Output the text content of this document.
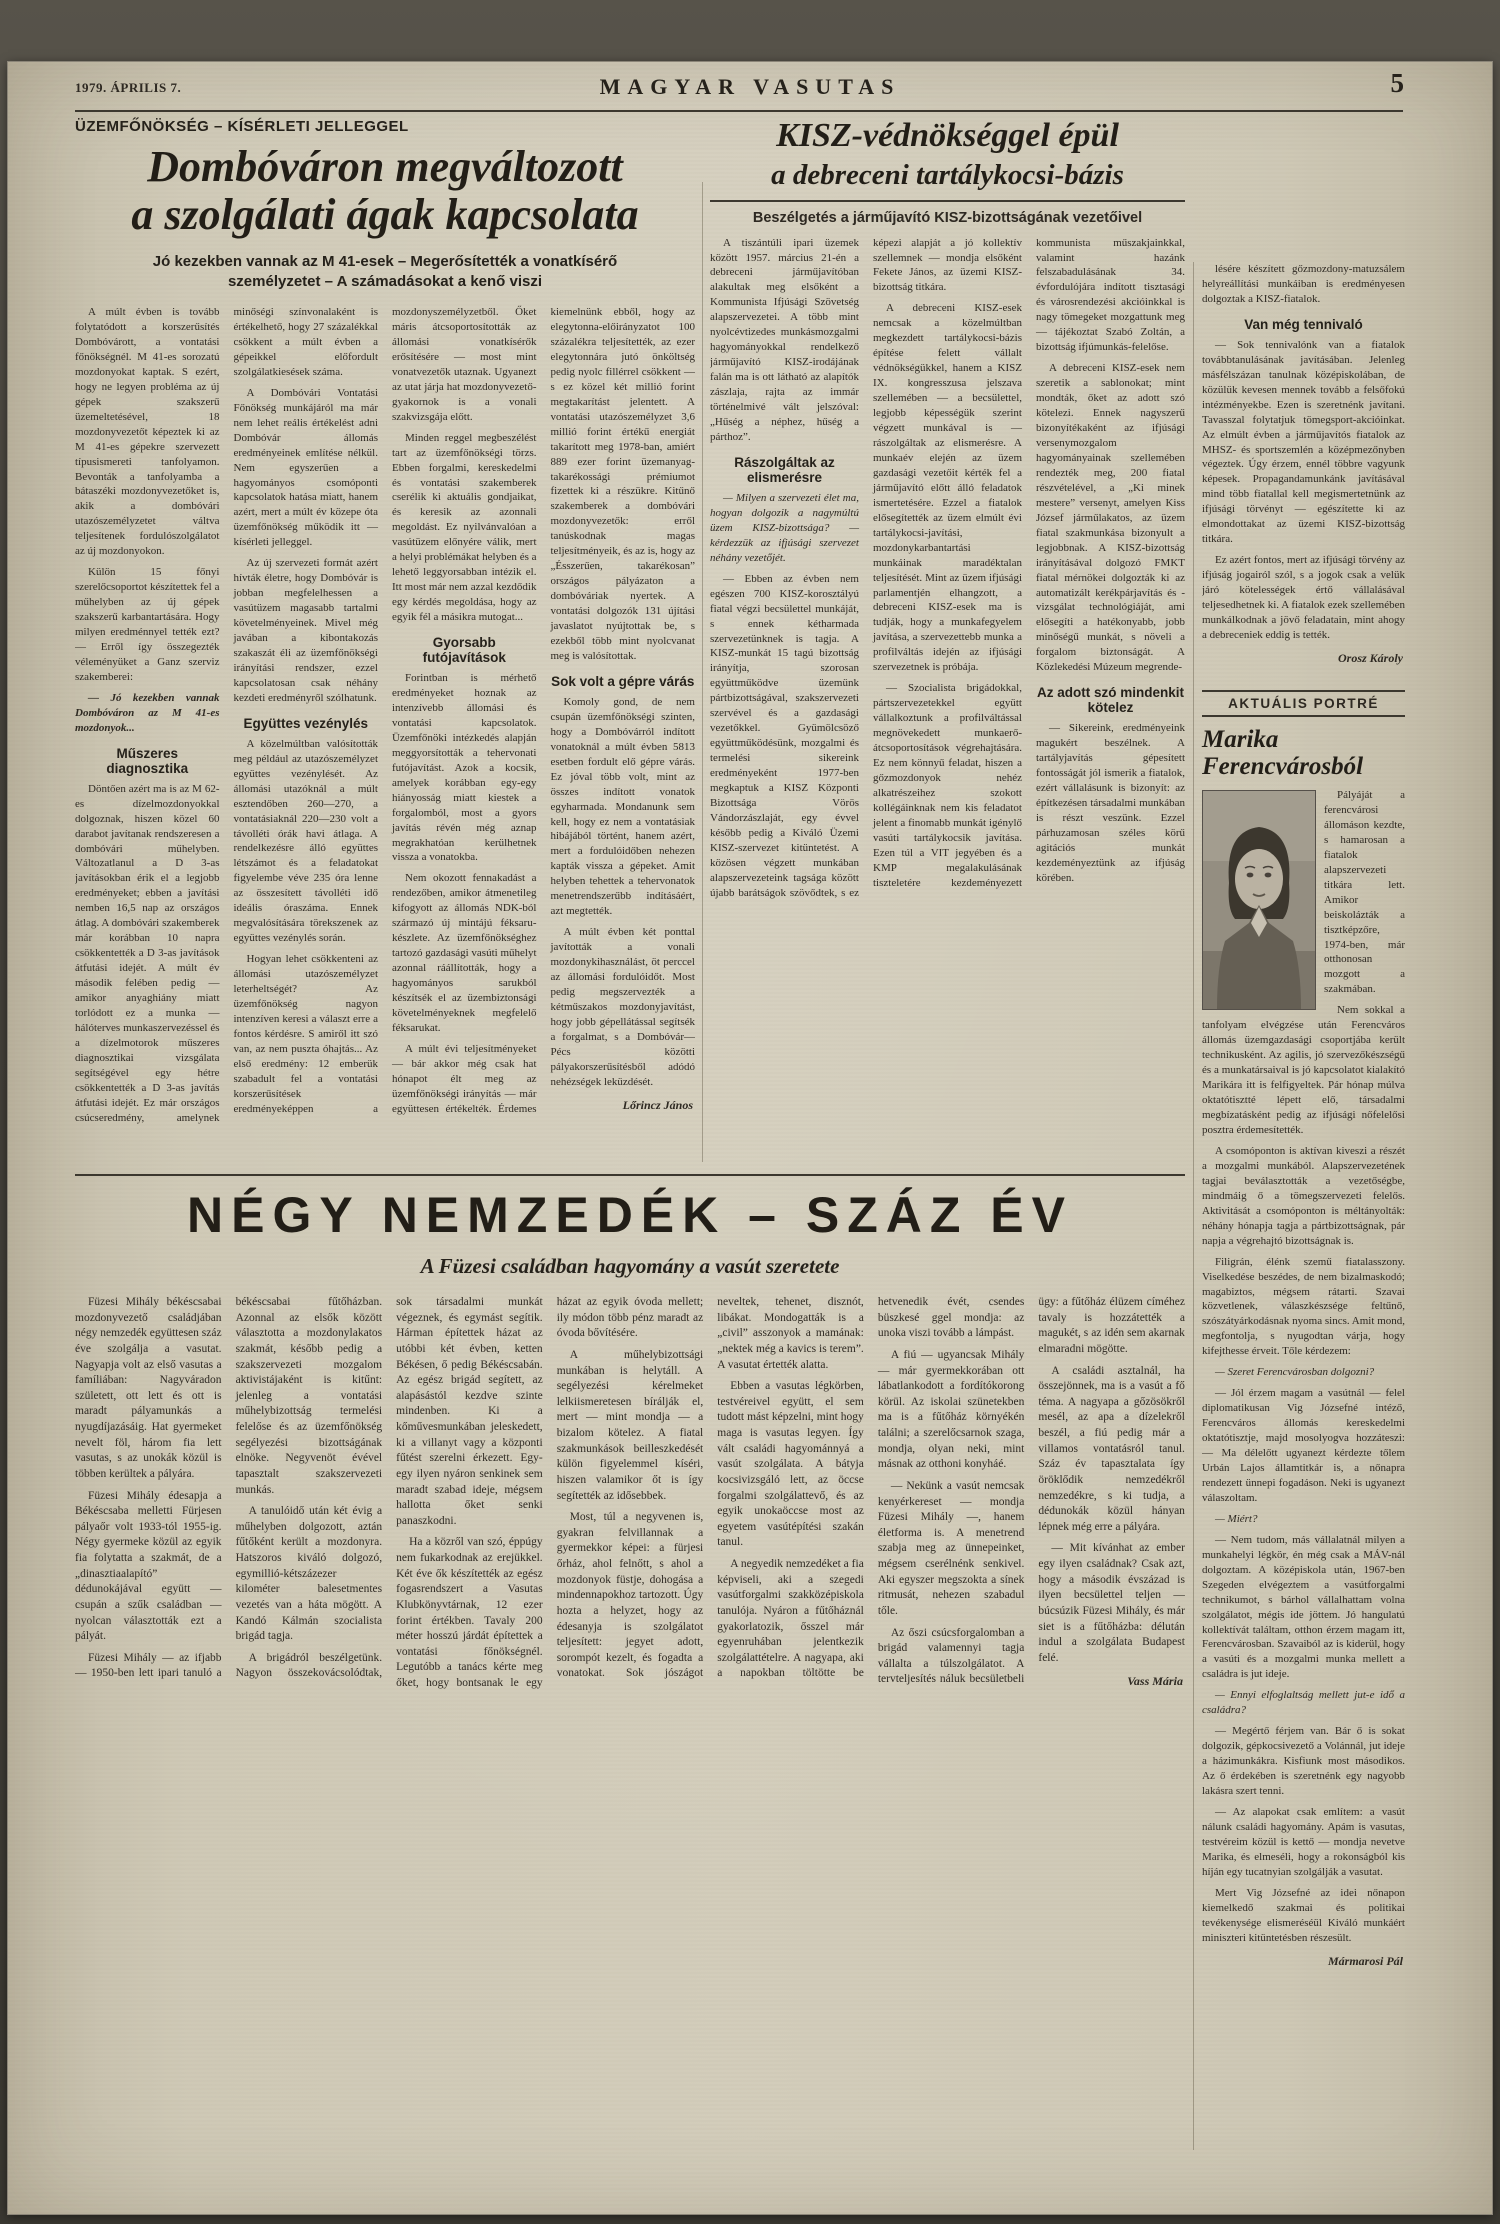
1979. ÁPRILIS 7.	MAGYAR VASUTAS	5
ÜZEMFŐNÖKSÉG – KÍSÉRLETI JELLEGGEL
Dombóváron megváltozott
a szolgálati ágak kapcsolata
Jó kezekben vannak az M 41-esek – Megerősítették a vonatkísérő személyzetet – A számadásokat a kenő viszi

A múlt évben is tovább folytatódott a korszerűsítés Dombóvárott, a vontatási főnökségnél. M 41-es sorozatú mozdonyokat kaptak. S ezért, hogy ne legyen probléma az új gépek szakszerű üzemeltetésével, 18 mozdonyvezetőt képeztek ki az M 41-es gépekre szervezett típusismereti tanfolyamon. Bevonták a tanfolyamba a bátaszéki mozdonyvezetőket is, akik a dombóvári utazószemélyzetet váltva teljesítenek fordulószolgálatot az új mozdonyokon.

Külön 15 főnyi szerelőcsoportot készítettek fel a műhelyben az új gépek szakszerű karbantartására. Hogy milyen eredménnyel tették ezt? — Erről így összegezték véleményüket a Ganz szerviz szakemberei:

— Jó kezekben vannak Dombóváron az M 41-es mozdonyok...

Műszeres diagnosztika

Döntően azért ma is az M 62-es dízelmozdonyokkal dolgoznak, hiszen közel 60 darabot javítanak rendszeresen a dombóvári műhelyben. Változatlanul a D 3-as javításokban érik el a legjobb eredményeket; ebben a javítási nemben 16,5 nap az országos átlag. A dombóvári szakemberek már korábban 10 napra csökkentették a D 3-as javítások átfutási idejét. A múlt év második felében pedig — amikor anyaghiány miatt torlódott ez a munka — hálóterves munkaszervezéssel és a dízelmotorok műszeres diagnosztikai vizsgálata segítségével egy hétre csökkentették a D 3-as javítás átfutási idejét. Ez már országos csúcseredmény, amelynek minőségi színvonalaként is értékelhető, hogy 27 százalékkal csökkent a múlt évben a gépeikkel előfordult szolgálatkiesések száma.

A Dombóvári Vontatási Főnökség munkájáról ma már nem lehet reális értékelést adni Dombóvár állomás eredményeinek említése nélkül. Nem egyszerűen a hagyományos csomóponti kapcsolatok hatása miatt, hanem azért, mert a múlt év közepe óta üzemfőnökség működik itt — kísérleti jelleggel.

Az új szervezeti formát azért hívták életre, hogy Dombóvár is jobban megfelelhessen a vasútüzem magasabb tartalmi követelményeinek. Mivel még javában a kibontakozás szakaszát éli az üzemfőnökségi irányítási rendszer, ezzel kapcsolatosan csak néhány kezdeti eredményről szólhatunk.

Együttes vezénylés

A közelmúltban valósították meg például az utazószemélyzet együttes vezénylését. Az állomási utazóknál a múlt esztendőben 260—270, a vontatásiaknál 220—230 volt a távolléti órák havi átlaga. A rendelkezésre álló együttes létszámot és a feladatokat figyelembe véve 235 óra lenne az összesített távolléti idő ideális óraszáma. Ennek megvalósítására törekszenek az együttes vezénylés során.

Hogyan lehet csökkenteni az állomási utazószemélyzet leterheltségét? Az üzemfőnökség nagyon intenzíven keresi a választ erre a fontos kérdésre. S amiről itt szó van, az nem puszta óhajtás... Az első eredmény: 12 emberük szabadult fel a vontatási korszerűsítések eredményeképpen a mozdonyszemélyzetből. Őket máris átcsoportosították az állomási vonatkísérők erősítésére — most mint vonatvezetők utaznak. Ugyanezt az utat járja hat mozdonyvezető-gyakornok is a vonali szakvizsgája előtt.

Minden reggel megbeszélést tart az üzemfőnökségi törzs. Ebben forgalmi, kereskedelmi és vontatási szakemberek cserélik ki aktuális gondjaikat, és keresik az azonnali megoldást. Ez nyilvánvalóan a vasútüzem előnyére válik, mert a helyi problémákat helyben és a lehető leggyorsabban intézik el. Itt most már nem azzal kezdődik egy kérdés megoldása, hogy az egyik fél a másikra mutogat...

Gyorsabb futójavítások

Forintban is mérhető eredményeket hoznak az intenzívebb állomási és vontatási kapcsolatok. Üzemfőnöki intézkedés alapján meggyorsították a tehervonati futójavítást. Azok a kocsik, amelyek korábban egy-egy hiányosság miatt kiestek a forgalomból, most a gyors javítás révén még aznap megrakhatóan kerülhetnek vissza a vonatokba.

Nem okozott fennakadást a rendezőben, amikor átmenetileg kifogyott az állomás NDK-ból származó új mintájú féksaru-készlete. Az üzemfőnökséghez tartozó gazdasági vasúti műhelyt azonnal ráállították, hogy a hagyományos sarukból készítsék el az üzembiztonsági követelményeknek megfelelő féksarukat.

A múlt évi teljesítményeket — bár akkor még csak hat hónapot élt meg az üzemfőnökségi irányítás — már együttesen értékelték. Érdemes kiemelnünk ebből, hogy az elegytonna-előirányzatot 100 százalékra teljesítették, az ezer elegytonnára jutó önköltség pedig nyolc fillérrel csökkent — s ez közel két millió forint megtakarítást jelentett. A vontatási utazószemélyzet 3,6 millió forint értékű energiát takarított meg 1978-ban, amiért 889 ezer forint üzemanyag-takarékossági prémiumot fizettek ki a részükre. Kitűnő szakemberek a dombóvári mozdonyvezetők: erről tanúskodnak magas teljesítményeik, és az is, hogy az „Ésszerűen, takarékosan” országos pályázaton a dombóváriak nyertek. A vontatási dolgozók 131 újítási javaslatot nyújtottak be, s ezekből több mint nyolcvanat meg is valósítottak.

Sok volt a gépre várás

Komoly gond, de nem csupán üzemfőnökségi szinten, hogy a Dombóvárról indított vonatoknál a múlt évben 5813 esetben fordult elő gépre várás. Ez jóval több volt, mint az összes indított vonatok egyharmada. Mondanunk sem kell, hogy ez nem a vontatásiak hibájából történt, hanem azért, mert a fordulóidőben nehezen kapták vissza a gépeket. Amit helyben tehettek a tehervonatok menetrendszerűbb indításáért, azt megtették.

A múlt évben két ponttal javították a vonali mozdonykihasználást, öt perccel az állomási fordulóidőt. Most pedig megszervezték a kétműszakos mozdonyjavítást, hogy jobb gépellátással segítsék a forgalmat, s a Dombóvár—Pécs közötti pályakorszerűsítésből adódó nehézségek leküzdését.

Lőrincz János

KISZ-védnökséggel épül
a debreceni tartálykocsi-bázis
Beszélgetés a járműjavító KISZ-bizottságának vezetőivel

A tiszántúli ipari üzemek között 1957. március 21-én a debreceni járműjavítóban alakultak meg elsőként a Kommunista Ifjúsági Szövetség alapszervezetei. A több mint nyolcévtizedes munkásmozgalmi hagyományokkal rendelkező járműjavító KISZ-irodájának falán ma is ott látható az alapítók zászlaja, rajta az immár történelmivé vált jelszóval: „Hűség a néphez, hűség a párthoz”.

Rászolgáltak az elismerésre

— Milyen a szervezeti élet ma, hogyan dolgozik a nagymúltú üzem KISZ-bizottsága? — kérdezzük az ifjúsági szervezet néhány vezetőjét.

— Ebben az évben nem egészen 700 KISZ-korosztályú fiatal végzi becsülettel munkáját, s ennek kétharmada szervezetünknek is tagja. A KISZ-munkát 15 tagú bizottság irányítja, szorosan együttműködve üzemünk pártbizottságával, szakszervezeti szervével és a gazdasági vezetőkkel. Gyümölcsöző együttműködésünk, mozgalmi és termelési sikereink eredményeként 1977-ben megkaptuk a KISZ Központi Bizottsága Vörös Vándorzászlaját, egy évvel később pedig a Kiváló Üzemi KISZ-szervezet kitüntetést. A közösen végzett munkában alapszervezeteink tagsága között újabb barátságok szövődtek, s ez képezi alapját a jó kollektív szellemnek — mondja elsőként Fekete János, az üzemi KISZ-bizottság titkára.

A debreceni KISZ-esek nemcsak a közelmúltban megkezdett tartálykocsi-bázis építése felett vállalt védnökségükkel, hanem a KISZ IX. kongresszusa jelszava szellemében — a becsülettel, legjobb képességük szerint végzett munkával is — rászolgáltak az elismerésre. A munkaév elején az üzem gazdasági vezetőit kérték fel a járműjavító előtt álló feladatok ismertetésére. Ezzel a fiatalok elősegítették az üzem elmúlt évi tartálykocsi-javítási, mozdonykarbantartási munkáinak maradéktalan teljesítését. Mint az üzem ifjúsági parlamentjén elhangzott, a debreceni KISZ-esek ma is tudják, hogy a munkafegyelem javítása, a szervezettebb munka a profilváltás idején az ifjúsági szervezetnek is próbája.

— Szocialista brigádokkal, pártszervezetekkel együtt vállalkoztunk a profilváltással megnövekedett munkaerő-átcsoportosítások végrehajtására. Ez nem könnyű feladat, hiszen a gőzmozdonyok nehéz alkatrészeihez szokott kollégáinknak nem kis feladatot jelent a finomabb munkát igénylő vasúti tartálykocsik javítása. Ezen túl a VIT jegyében és a KMP megalakulásának tiszteletére kezdeményezett kommunista műszakjainkkal, valamint hazánk felszabadulásának 34. évfordulójára indított tisztasági és városrendezési akcióinkkal is nagy tömegeket mozgattunk meg — tájékoztat Szabó Zoltán, a bizottság ifjúmunkás-felelőse.

A debreceni KISZ-esek nem szeretik a sablonokat; mint mondták, őket az adott szó kötelezi. Ennek nagyszerű bizonyítékaként az ifjúsági versenymozgalom hagyományainak szellemében rendezték meg, 200 fiatal részvételével, a „Ki minek mestere” versenyt, amelyen Kiss József járműlakatos, az üzem fiatal szakmunkása bizonyult a legjobbnak. A KISZ-bizottság irányításával dolgozó FMKT fiatal mérnökei dolgozták ki az automatizált kerékpárjavítás és -vizsgálat technológiáját, ami elősegíti a hatékonyabb, jobb minőségű munkát, s növeli a forgalom biztonságát. A Közlekedési Múzeum megrende-

Az adott szó mindenkit kötelez

— Sikereink, eredményeink magukért beszélnek. A tartályjavítás gépesített fontosságát jól ismerik a fiatalok, ezért vállalásunk is bizonyít: az építkezésen társadalmi munkában is részt veszünk. Ezzel párhuzamosan széles körű agitációs munkát kezdeményeztünk az ifjúság körében.

lésére készített gőzmozdony-matuzsálem helyreállítási munkáiban is eredményesen dolgoztak a KISZ-fiatalok.

Van még tennivaló

— Sok tennivalónk van a fiatalok továbbtanulásának javításában. Jelenleg másfélszázan tanulnak középiskolában, de közülük kevesen mennek tovább a felsőfokú intézményekbe. Ezen is szeretnénk javítani. Tavasszal folytatjuk tömegsport-akcióinkat. Az elmúlt évben a járműjavítós fiatalok az MHSZ- és sportszemlén a középmezőnyben végeztek. Úgy érzem, ennél többre vagyunk képesek. Propagandamunkánk javításával mind több fiatallal kell megismertetnünk az ifjúsági törvényt — egészítette ki az elmondottakat az üzemi KISZ-bizottság titkára.

Ez azért fontos, mert az ifjúsági törvény az ifjúság jogairól szól, s a jogok csak a velük járó kötelességek értő vállalásával teljesedhetnek ki. A fiatalok ezek szellemében munkálkodnak a jövő feladatain, mint ahogy a debreceniek eddig is tették.

Orosz Károly

AKTUÁLIS PORTRÉ
Marika Ferencvárosból

Pályáját a ferencvárosi állomáson kezdte, s hamarosan a fiatalok alapszervezeti titkára lett. Amikor beiskolázták a tisztképzőre, 1974-ben, már otthonosan mozgott a szakmában.

Nem sokkal a tanfolyam elvégzése után Ferencváros állomás üzemgazdasági csoportjába került technikusként. Az agilis, jó szervezőkészségű és a munkatársaival is jó kapcsolatot kialakító Marikára itt is felfigyeltek. Pár hónap múlva oktatótisztté lépett elő, társadalmi megbízatásként pedig az ifjúsági nőfelelősi posztra érdemesítették.

A csomóponton is aktívan kiveszi a részét a mozgalmi munkából. Alapszervezetének tagjai beválasztották a vezetőségbe, mindmáig ő a tömegszervezeti felelős. Aktivitását a csomóponton is méltányolták: néhány hónapja tagja a pártbizottságnak, pár napja a végrehajtó bizottságnak is.

Filigrán, élénk szemű fiatalasszony. Viselkedése beszédes, de nem bizalmaskodó; magabiztos, mégsem rátarti. Szavai közvetlenek, válaszkészsége feltűnő, szószátyárkodásnak nyoma sincs. Amit mond, megfontolja, s nyugodtan várja, hogy kifejthesse érveit. Tőle kérdezem:

— Szeret Ferencvárosban dolgozni?

— Jól érzem magam a vasútnál — felel diplomatikusan Vig Józsefné intéző, Ferencváros állomás kereskedelmi oktatótisztje, majd mosolyogva hozzáteszi: — Ma délelőtt ugyanezt kérdezte tőlem Urbán Lajos államtitkár is, a nőnapra rendezett ünnepi fogadáson. Neki is ugyanezt válaszoltam.

— Miért?

— Nem tudom, más vállalatnál milyen a munkahelyi légkör, én még csak a MÁV-nál dolgoztam. A középiskola után, 1967-ben Szegeden elvégeztem a vasútforgalmi technikumot, s bárhol vállalhattam volna szolgálatot, mégis ide jöttem. Jó hangulatú kollektívát találtam, otthon érzem magam itt, Ferencvárosban. Szavaiból az is kiderül, hogy a vasúti és a mozgalmi munka mellett a családra is jut ideje.

— Ennyi elfoglaltság mellett jut-e idő a családra?

— Megértő férjem van. Bár ő is sokat dolgozik, gépkocsivezető a Volánnál, jut ideje a házimunkákra. Kisfiunk most másodikos. Az ő érdekében is szeretnénk egy nagyobb lakásra szert tenni.

— Az alapokat csak említem: a vasút nálunk családi hagyomány. Apám is vasutas, testvéreim közül is kettő — mondja nevetve Marika, és elmeséli, hogy a rokonságból kis híján egy tucatnyian szolgálják a vasutat.

Mert Vig Józsefné az idei nőnapon kiemelkedő szakmai és politikai tevékenysége elismeréséül Kiváló munkáért miniszteri kitüntetésben részesült.

Mármarosi Pál

NÉGY NEMZEDÉK – SZÁZ ÉV
A Füzesi családban hagyomány a vasút szeretete

Füzesi Mihály békéscsabai mozdonyvezető családjában négy nemzedék együttesen száz éve szolgálja a vasutat. Nagyapja volt az első vasutas a famíliában: Nagyváradon született, ott lett és ott is maradt pályamunkás a nyugdíjazásáig. Hat gyermeket nevelt föl, három fia lett vasutas, s az unokák közül is többen kerültek a pályára.

Füzesi Mihály édesapja a Békéscsaba melletti Fürjesen pályaőr volt 1933-tól 1955-ig. Négy gyermeke közül az egyik fia folytatta a szakmát, de a „dinasztiaalapító” dédunokájával együtt — csupán a szűk családban — nyolcan választották ezt a pályát.

Füzesi Mihály — az ifjabb — 1950-ben lett ipari tanuló a békéscsabai fűtőházban. Azonnal az elsők között választotta a mozdonylakatos szakmát, később pedig a szakszervezeti mozgalom aktivistájaként is kitűnt: jelenleg a vontatási műhelybizottság termelési felelőse és az üzemfőnökség segélyezési bizottságának elnöke. Negyvenöt évével tapasztalt szakszervezeti munkás.

A tanulóidő után két évig a műhelyben dolgozott, aztán fűtőként került a mozdonyra. Hatszoros kiváló dolgozó, egymillió-kétszázezer kilométer balesetmentes vezetés van a háta mögött. A Kandó Kálmán szocialista brigád tagja.

A brigádról beszélgetünk. Nagyon összekovácsolódtak, sok társadalmi munkát végeznek, és egymást segítik. Hárman építettek házat az utóbbi két évben, ketten Békésen, ő pedig Békéscsabán. Az egész brigád segített, az alapásástól kezdve szinte mindenben. Ki a kőművesmunkában jeleskedett, ki a villanyt vagy a központi fűtést szerelni érkezett. Egy-egy ilyen nyáron senkinek sem maradt szabad ideje, mégsem hallotta őket senki panaszkodni.

Ha a közről van szó, éppúgy nem fukarkodnak az erejükkel. Két éve ők készítették az egész fogasrendszert a Vasutas Klubkönyvtárnak, 12 ezer forint értékben. Tavaly 200 méter hosszú járdát építettek a vontatási főnökségnél. Legutóbb a tanács kérte meg őket, hogy bontsanak le egy házat az egyik óvoda mellett; ily módon több pénz maradt az óvoda bővítésére.

A műhelybizottsági munkában is helytáll. A segélyezési kérelmeket lelkiismeretesen bírálják el, mert — mint mondja — a bizalom kötelez. A fiatal szakmunkások beilleszkedését külön figyelemmel kíséri, hiszen valamikor őt is így segítették az idősebbek.

Most, túl a negyvenen is, gyakran felvillannak a gyermekkor képei: a fürjesi őrház, ahol felnőtt, s ahol a mozdonyok füstje, dohogása a mindennapokhoz tartozott. Úgy hozta a helyzet, hogy az édesanyja is szolgálatot teljesített: jegyet adott, sorompót kezelt, és fogadta a vonatokat. Sok jószágot neveltek, tehenet, disznót, libákat. Mondogatták is a „civil” asszonyok a mamának: „nektek még a kavics is terem”. A vasutat értették alatta.

Ebben a vasutas légkörben, testvéreivel együtt, el sem tudott mást képzelni, mint hogy maga is vasutas legyen. Így vált családi hagyománnyá a vasút szolgálata. A bátyja kocsivizsgáló lett, az öccse forgalmi szolgálattevő, és az egyik unokaöccse most az egyetem vasútépítési szakán tanul.

A negyedik nemzedéket a fia képviseli, aki a szegedi vasútforgalmi szakközépiskola tanulója. Nyáron a fűtőháznál gyakorlatozik, ősszel már egyenruhában jelentkezik szolgálattételre. A nagyapa, aki a napokban töltötte be hetvenedik évét, csendes büszkesé ggel mondja: az unoka viszi tovább a lámpást.

A fiú — ugyancsak Mihály — már gyermekkorában ott lábatlankodott a fordítókorong körül. Az iskolai szünetekben ma is a fűtőház környékén találni; a szerelőcsarnok szaga, mondja, olyan neki, mint másnak az otthoni konyháé.

— Nekünk a vasút nemcsak kenyérkereset — mondja Füzesi Mihály —, hanem életforma is. A menetrend szabja meg az ünnepeinket, mégsem cserélnénk senkivel. Aki egyszer megszokta a sínek ritmusát, nehezen szabadul tőle.

Az őszi csúcsforgalomban a brigád valamennyi tagja vállalta a túlszolgálatot. A tervteljesítés náluk becsületbeli ügy: a fűtőház élüzem címéhez tavaly is hozzátették a magukét, s az idén sem akarnak elmaradni mögötte.

A családi asztalnál, ha összejönnek, ma is a vasút a fő téma. A nagyapa a gőzösökről mesél, az apa a dízelekről beszél, a fiú pedig már a villamos vontatásról tanul. Száz év tapasztalata így öröklődik nemzedékről nemzedékre, s ki tudja, a dédunokák közül hányan lépnek még erre a pályára.

— Mit kívánhat az ember egy ilyen családnak? Csak azt, hogy a második évszázad is ilyen becsülettel teljen — búcsúzik Füzesi Mihály, és már siet is a fűtőházba: délután indul a szolgálata Budapest felé.

Vass Mária
